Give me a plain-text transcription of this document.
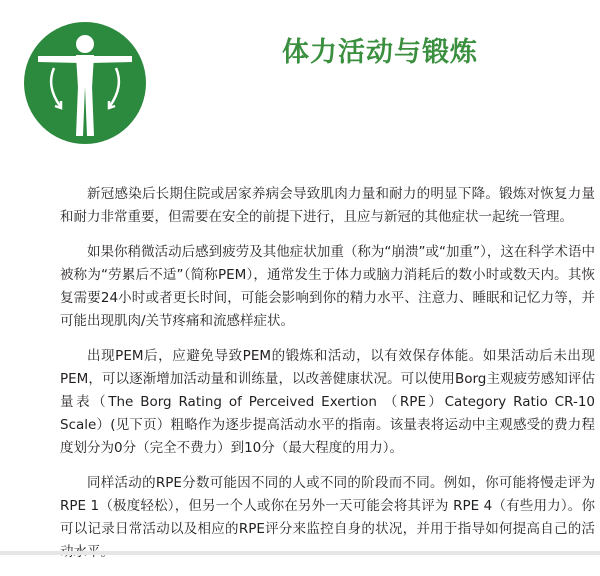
体力活动与锻炼

新冠感染后长期住院或居家养病会导致肌肉力量和耐力的明显下降。锻炼对恢复力量和耐力非常重要，但需要在安全的前提下进行，且应与新冠的其他症状一起统一管理。

如果你稍微活动后感到疲劳及其他症状加重（称为“崩溃”或“加重”），这在科学术语中被称为“劳累后不适”（简称PEM），通常发生于体力或脑力消耗后的数小时或数天内。其恢复需要24小时或者更长时间，可能会影响到你的精力水平、注意力、睡眠和记忆力等，并可能出现肌肉/关节疼痛和流感样症状。

出现PEM后，应避免导致PEM的锻炼和活动，以有效保存体能。如果活动后未出现PEM，可以逐渐增加活动量和训练量，以改善健康状况。可以使用Borg主观疲劳感知评估量表（The Borg Rating of Perceived Exertion （RPE）Category Ratio CR-10 Scale）(见下页）粗略作为逐步提高活动水平的指南。该量表将运动中主观感受的费力程度划分为0分（完全不费力）到10分（最大程度的用力）。

同样活动的RPE分数可能因不同的人或不同的阶段而不同。例如，你可能将慢走评为RPE 1（极度轻松），但另一个人或你在另外一天可能会将其评为 RPE 4（有些用力）。你可以记录日常活动以及相应的RPE评分来监控自身的状况，并用于指导如何提高自己的活
